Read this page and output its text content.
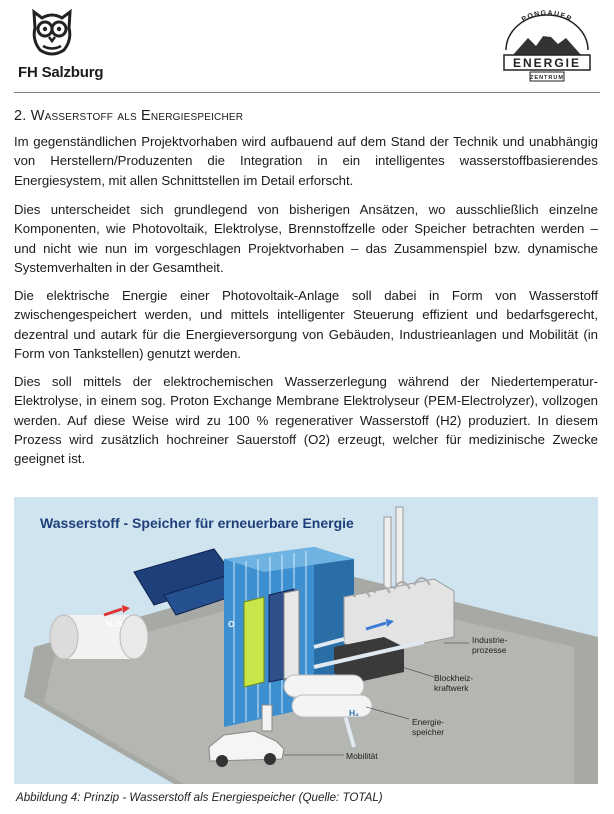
FH Salzburg
PONGAUER
ENERGIE
ZENTRUM
2. Wasserstoff als Energiespeicher
Im gegenständlichen Projektvorhaben wird aufbauend auf dem Stand der Technik und unabhängig von Herstellern/Produzenten die Integration in ein intelligentes wasserstoffbasierendes Energiesystem, mit allen Schnittstellen im Detail erforscht.
Dies unterscheidet sich grundlegend von bisherigen Ansätzen, wo ausschließlich einzelne Komponenten, wie Photovoltaik, Elektrolyse, Brennstoffzelle oder Speicher betrachten werden – und nicht wie nun im vorgeschlagen Projektvorhaben – das Zusammenspiel bzw. dynamische Systemverhalten in der Gesamtheit.
Die elektrische Energie einer Photovoltaik-Anlage soll dabei in Form von Wasserstoff zwischengespeichert werden, und mittels intelligenter Steuerung effizient und bedarfsgerecht, dezentral und autark für die Energieversorgung von Gebäuden, Industrieanlagen und Mobilität (in Form von Tankstellen) genutzt werden.
Dies soll mittels der elektrochemischen Wasserzerlegung während der Niedertemperatur-Elektrolyse, in einem sog. Proton Exchange Membrane Elektrolyseur (PEM-Electrolyzer), vollzogen werden. Auf diese Weise wird zu 100 % regenerativer Wasserstoff (H2) produziert. In diesem Prozess wird zusätzlich hochreiner Sauerstoff (O2) erzeugt, welcher für medizinische Zwecke geeignet ist.
Wasserstoff - Speicher für erneuerbare Energie
H₂O	O
H₂
Industrie-
prozesse
Blockheiz-
kraftwerk
Energie-
speicher
Mobilität
Abbildung 4: Prinzip - Wasserstoff als Energiespeicher (Quelle: TOTAL)
